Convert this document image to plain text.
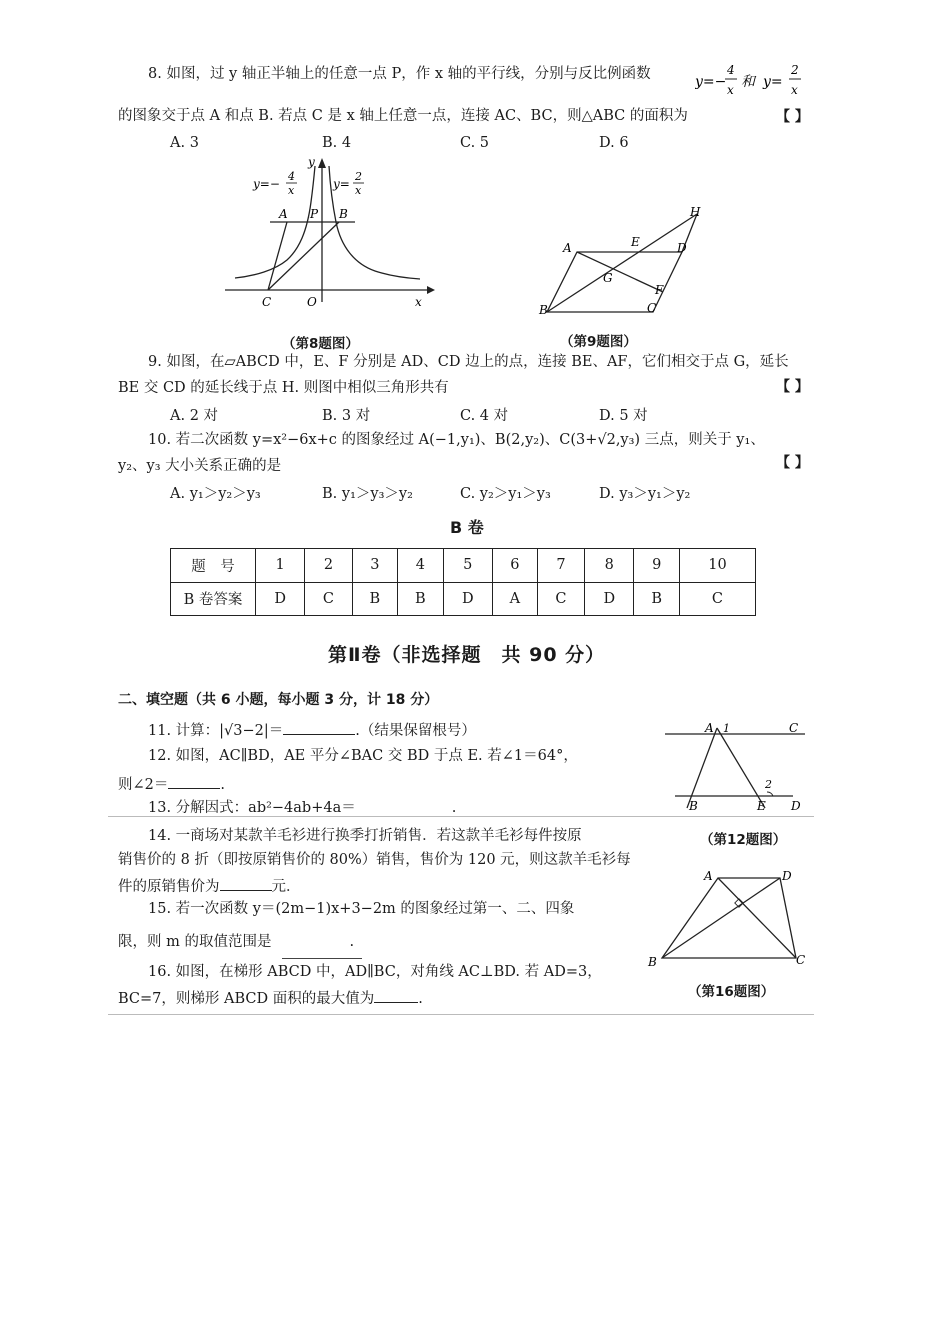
8. 如图，过 y 轴正半轴上的任意一点 P，作 x 轴的平行线，分别与反比例函数	y=−
4
x 和 y=
2
x
的图象交于点 A 和点 B. 若点 C 是 x 轴上任意一点，连接 AC、BC，则△ABC 的面积为	【 】
A. 3	B. 4	C. 5	D. 6
y=−
4
x	y=
2
x
y
A P B
C	O	x
（第8题图）
A	E	D
H
G
F
B	C
（第9题图）
9. 如图，在▱ABCD 中，E、F 分别是 AD、CD 边上的点，连接 BE、AF，它们相交于点 G，延长
BE 交 CD 的延长线于点 H. 则图中相似三角形共有	【 】
A. 2 对	B. 3 对	C. 4 对	D. 5 对
10. 若二次函数 y=x²−6x+c 的图象经过 A(−1,y₁)、B(2,y₂)、C(3+√2,y₃) 三点，则关于 y₁、
y₂、y₃ 大小关系正确的是	【 】
A. y₁＞y₂＞y₃	B. y₁＞y₃＞y₂	C. y₂＞y₁＞y₃	D. y₃＞y₁＞y₂
B 卷
题　号	1	2	3	4	5	6	7	8	9	10
B 卷答案	D	C	B	B	D	A	C	D	B	C
第Ⅱ卷（非选择题　共 90 分）
二、填空题（共 6 小题，每小题 3 分，计 18 分）
11. 计算：|√3−2|＝	.（结果保留根号）
12. 如图，AC∥BD，AE 平分∠BAC 交 BD 于点 E. 若∠1＝64°，
则∠2＝	.
13. 分解因式：ab²−4ab+4a＝	.
A 1	C
2
B	E D
（第12题图）
14. 一商场对某款羊毛衫进行换季打折销售．若这款羊毛衫每件按原
销售价的 8 折（即按原销售价的 80%）销售，售价为 120 元，则这款羊毛衫每
件的原销售价为	元．
15. 若一次函数 y＝(2m−1)x+3−2m 的图象经过第一、二、四象
限，则 m 的取值范围是	.
16. 如图，在梯形 ABCD 中，AD∥BC，对角线 AC⊥BD. 若 AD=3，
BC=7，则梯形 ABCD 面积的最大值为	.
A	D
B	C
（第16题图）
